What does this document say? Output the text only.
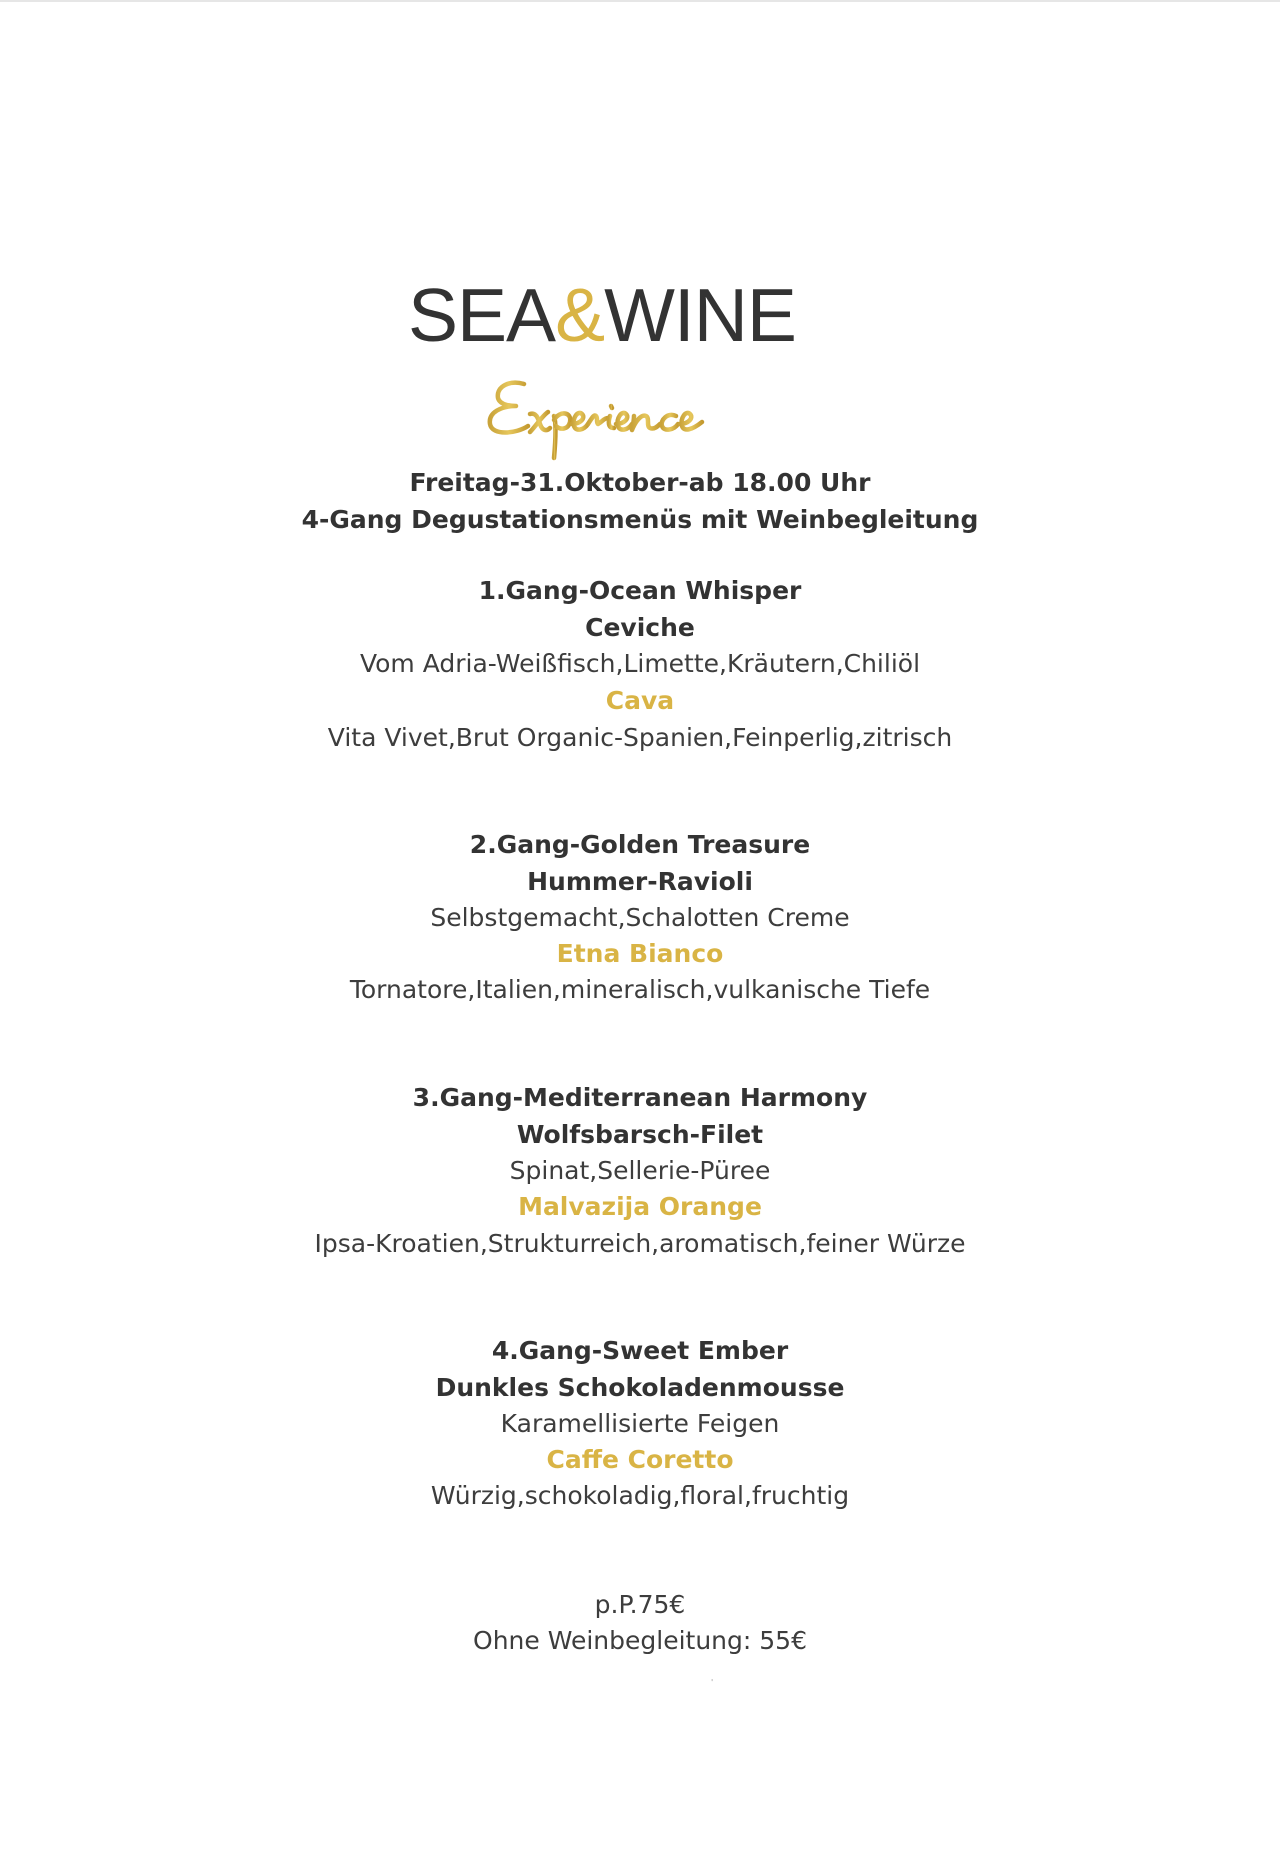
SEA&WINE
Freitag-31.Oktober-ab 18.00 Uhr
4-Gang Degustationsmenüs mit Weinbegleitung
1.Gang-Ocean Whisper
Ceviche
Vom Adria-Weißfisch,Limette,Kräutern,Chiliöl
Cava
Vita Vivet,Brut Organic-Spanien,Feinperlig,zitrisch
2.Gang-Golden Treasure
Hummer-Ravioli
Selbstgemacht,Schalotten Creme
Etna Bianco
Tornatore,Italien,mineralisch,vulkanische Tiefe
3.Gang-Mediterranean Harmony
Wolfsbarsch-Filet
Spinat,Sellerie-Püree
Malvazija Orange
Ipsa-Kroatien,Strukturreich,aromatisch,feiner Würze
4.Gang-Sweet Ember
Dunkles Schokoladenmousse
Karamellisierte Feigen
Caffe Coretto
Würzig,schokoladig,floral,fruchtig
p.P.75€
Ohne Weinbegleitung: 55€
'
